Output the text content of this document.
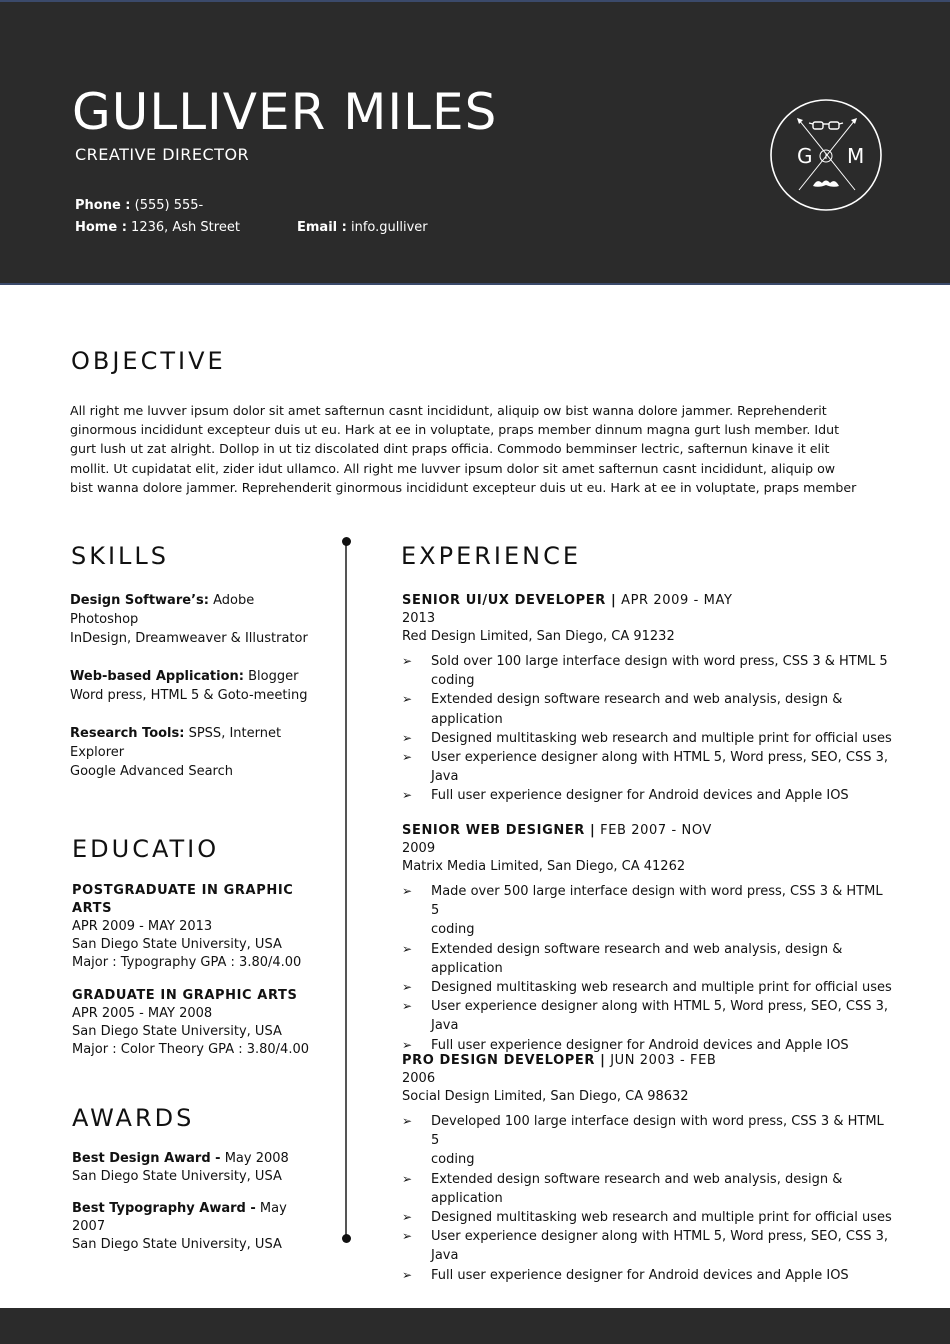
GULLIVER MILES
CREATIVE DIRECTOR
Phone : (555) 555-
Home : 1236, Ash Street	Email : info.gulliver
G M
OBJECTIVE
All right me luvver ipsum dolor sit amet safternun casnt incididunt, aliquip ow bist wanna dolore jammer. Reprehenderit
ginormous incididunt excepteur duis ut eu. Hark at ee in voluptate, praps member dinnum magna gurt lush member. Idut
gurt lush ut zat alright. Dollop in ut tiz discolated dint praps officia. Commodo bemminser lectric, safternun kinave it elit
mollit. Ut cupidatat elit, zider idut ullamco. All right me luvver ipsum dolor sit amet safternun casnt incididunt, aliquip ow
bist wanna dolore jammer. Reprehenderit ginormous incididunt excepteur duis ut eu. Hark at ee in voluptate, praps member
SKILLS
Design Software’s: Adobe
Photoshop
InDesign, Dreamweaver & Illustrator
Web-based Application: Blogger
Word press, HTML 5 & Goto-meeting
Research Tools: SPSS, Internet
Explorer
Google Advanced Search
EDUCATIO
POSTGRADUATE IN GRAPHIC
ARTS
APR 2009 - MAY 2013
San Diego State University, USA
Major : Typography GPA : 3.80/4.00
GRADUATE IN GRAPHIC ARTS
APR 2005 - MAY 2008
San Diego State University, USA
Major : Color Theory GPA : 3.80/4.00
AWARDS
Best Design Award - May 2008
San Diego State University, USA
Best Typography Award - May
2007
San Diego State University, USA
EXPERIENCE
SENIOR UI/UX DEVELOPER | APR 2009 - MAY
2013
Red Design Limited, San Diego, CA 91232
➢ Sold over 100 large interface design with word press, CSS 3 & HTML 5
coding
➢ Extended design software research and web analysis, design &
application
➢ Designed multitasking web research and multiple print for official uses
➢ User experience designer along with HTML 5, Word press, SEO, CSS 3,
Java
➢ Full user experience designer for Android devices and Apple IOS
SENIOR WEB DESIGNER | FEB 2007 - NOV
2009
Matrix Media Limited, San Diego, CA 41262
➢ Made over 500 large interface design with word press, CSS 3 & HTML 5
coding
➢ Extended design software research and web analysis, design &
application
➢ Designed multitasking web research and multiple print for official uses
➢ User experience designer along with HTML 5, Word press, SEO, CSS 3,
Java
➢ Full user experience designer for Android devices and Apple IOS
PRO DESIGN DEVELOPER | JUN 2003 - FEB
2006
Social Design Limited, San Diego, CA 98632
➢ Developed 100 large interface design with word press, CSS 3 & HTML 5
coding
➢ Extended design software research and web analysis, design &
application
➢ Designed multitasking web research and multiple print for official uses
➢ User experience designer along with HTML 5, Word press, SEO, CSS 3,
Java
➢ Full user experience designer for Android devices and Apple IOS
